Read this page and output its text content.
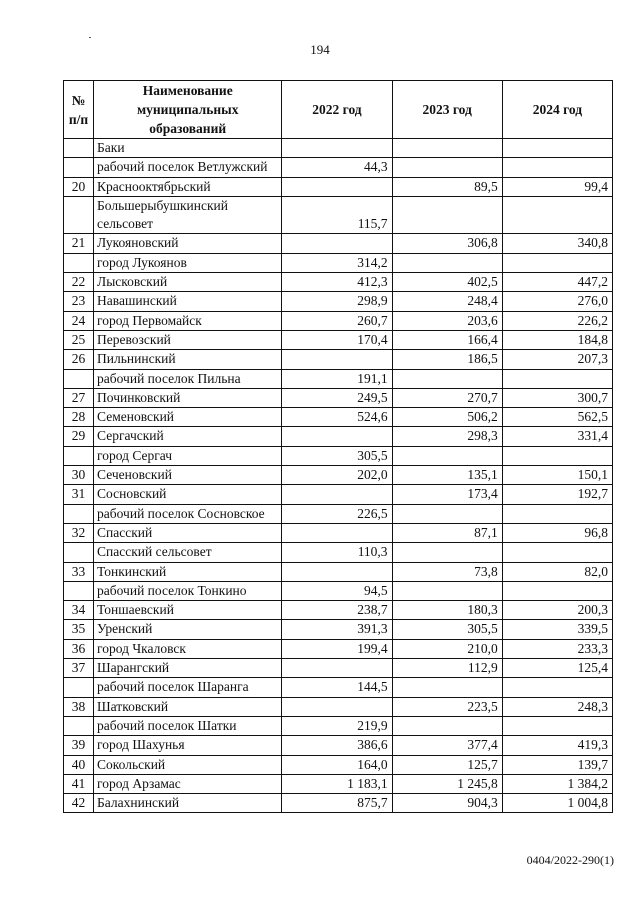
194
№ п/п	Наименование муниципальных образований	2022 год	2023 год	2024 год
	Баки			
	рабочий поселок Ветлужский	44,3		
20	Краснооктябрьский		89,5	99,4
	Большерыбушкинский сельсовет	115,7		
21	Лукояновский		306,8	340,8
	город Лукоянов	314,2		
22	Лысковский	412,3	402,5	447,2
23	Навашинский	298,9	248,4	276,0
24	город Первомайск	260,7	203,6	226,2
25	Перевозский	170,4	166,4	184,8
26	Пильнинский		186,5	207,3
	рабочий поселок Пильна	191,1		
27	Починковский	249,5	270,7	300,7
28	Семеновский	524,6	506,2	562,5
29	Сергачский		298,3	331,4
	город Сергач	305,5		
30	Сеченовский	202,0	135,1	150,1
31	Сосновский		173,4	192,7
	рабочий поселок Сосновское	226,5		
32	Спасский		87,1	96,8
	Спасский сельсовет	110,3		
33	Тонкинский		73,8	82,0
	рабочий поселок Тонкино	94,5		
34	Тоншаевский	238,7	180,3	200,3
35	Уренский	391,3	305,5	339,5
36	город Чкаловск	199,4	210,0	233,3
37	Шарангский		112,9	125,4
	рабочий поселок Шаранга	144,5		
38	Шатковский		223,5	248,3
	рабочий поселок Шатки	219,9		
39	город Шахунья	386,6	377,4	419,3
40	Сокольский	164,0	125,7	139,7
41	город Арзамас	1 183,1	1 245,8	1 384,2
42	Балахнинский	875,7	904,3	1 004,8
0404/2022-290(1)
